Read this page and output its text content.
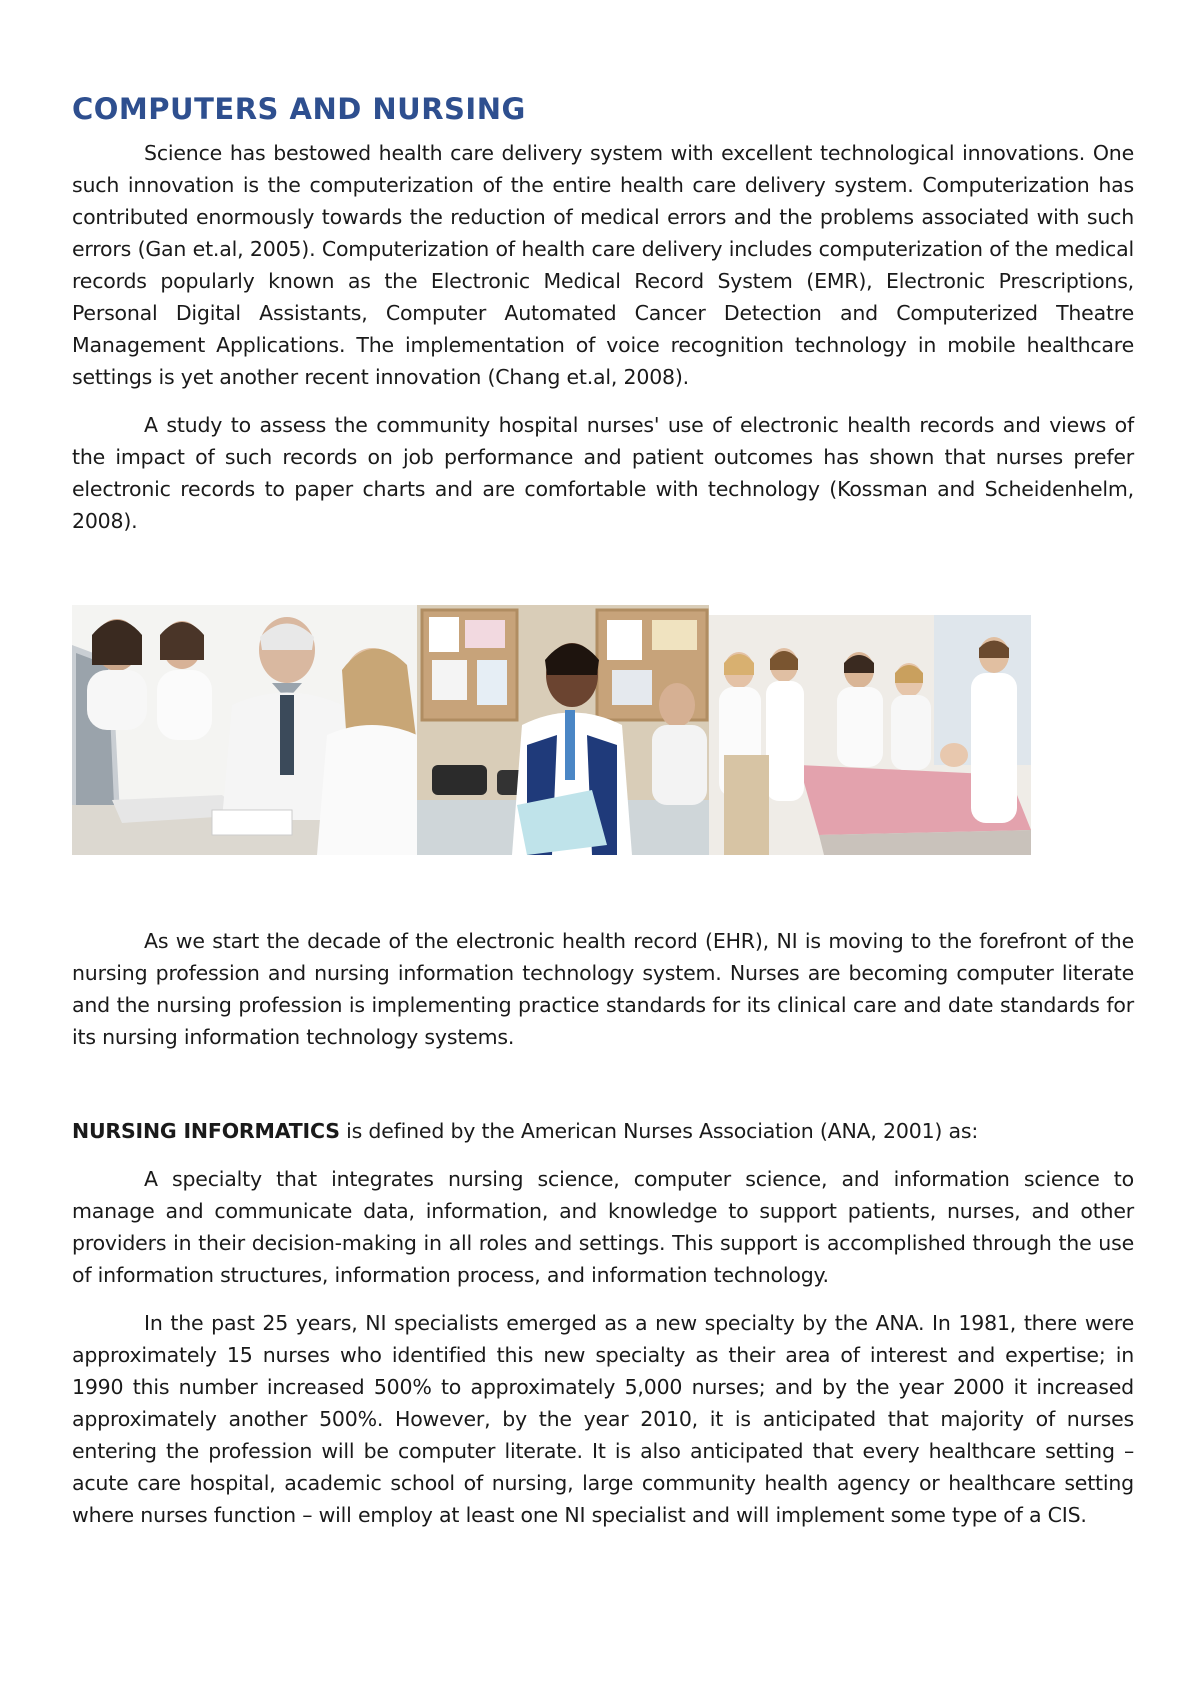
COMPUTERS AND NURSING

Science has bestowed health care delivery system with excellent technological innovations. One such innovation is the computerization of the entire health care delivery system. Computerization has contributed enormously towards the reduction of medical errors and the problems associated with such errors (Gan et.al, 2005). Computerization of health care delivery includes computerization of the medical records popularly known as the Electronic Medical Record System (EMR), Electronic Prescriptions, Personal Digital Assistants, Computer Automated Cancer Detection and Computerized Theatre Management Applications. The implementation of voice recognition technology in mobile healthcare settings is yet another recent innovation (Chang et.al, 2008).

A study to assess the community hospital nurses' use of electronic health records and views of the impact of such records on job performance and patient outcomes has shown that nurses prefer electronic records to paper charts and are comfortable with technology (Kossman and Scheidenhelm, 2008).

As we start the decade of the electronic health record (EHR), NI is moving to the forefront of the nursing profession and nursing information technology system. Nurses are becoming computer literate and the nursing profession is implementing practice standards for its clinical care and date standards for its nursing information technology systems.

NURSING INFORMATICS is defined by the American Nurses Association (ANA, 2001) as:

A specialty that integrates nursing science, computer science, and information science to manage and communicate data, information, and knowledge to support patients, nurses, and other providers in their decision-making in all roles and settings. This support is accomplished through the use of information structures, information process, and information technology.

In the past 25 years, NI specialists emerged as a new specialty by the ANA. In 1981, there were approximately 15 nurses who identified this new specialty as their area of interest and expertise; in 1990 this number increased 500% to approximately 5,000 nurses; and by the year 2000 it increased approximately another 500%. However, by the year 2010, it is anticipated that majority of nurses entering the profession will be computer literate. It is also anticipated that every healthcare setting – acute care hospital, academic school of nursing, large community health agency or healthcare setting where nurses function – will employ at least one NI specialist and will implement some type of a CIS.
